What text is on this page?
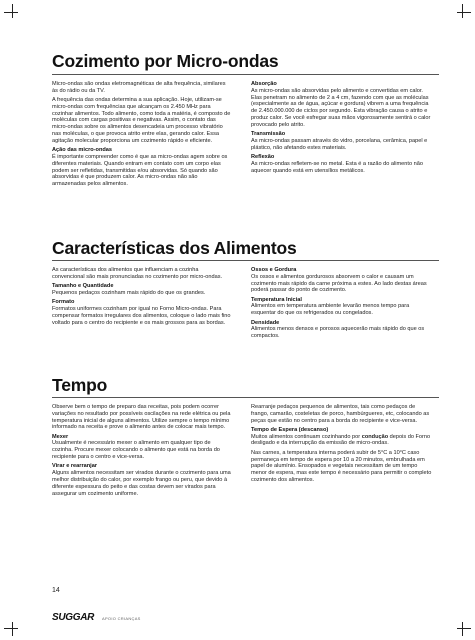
Cozimento por Micro-ondas

Micro-ondas são ondas eletromagnéticas de alta frequência, similares às do rádio ou da TV.

A frequência das ondas determina a sua aplicação. Hoje, utilizam-se micro-ondas com frequências que alcançam os 2.450 MHz para cozinhar alimentos. Todo alimento, como toda a matéria, é composto de moléculas com cargas positivas e negativas. Assim, o contato das micro-ondas sobre os alimentos desencadeia um processo vibratório nas moléculas, o que provoca atrito entre elas, gerando calor. Essa agitação molecular proporciona um cozimento rápido e eficiente.

Ação das micro-ondas

É importante compreender como é que as micro-ondas agem sobre os diferentes materiais. Quando entram em contato com um corpo elas podem ser refletidas, transmitidas e/ou absorvidas. Só quando são absorvidas é que produzem calor. As micro-ondas não são armazenadas pelos alimentos.

Absorção

As micro-ondas são absorvidas pelo alimento e convertidas em calor. Elas penetram no alimento de 2 a 4 cm, fazendo com que as moléculas (especialmente as de água, açúcar e gordura) vibrem a uma frequência de 2.450.000.000 de ciclos por segundo. Esta vibração causa o atrito e produz calor. Se você esfregar suas mãos vigorosamente sentirá o calor provocado pelo atrito.

Transmissão

As micro-ondas passam através do vidro, porcelana, cerâmica, papel e plástico, não afetando estes materiais.

Reflexão

As micro-ondas refletem-se no metal. Esta é a razão do alimento não aquecer quando está em utensílios metálicos.

Características dos Alimentos

As características dos alimentos que influenciam a cozinha convencional são mais pronunciadas no cozimento por micro-ondas.

Tamanho e Quantidade

Pequenos pedaços cozinham mais rápido do que os grandes.

Formato

Formatos uniformes cozinham por igual no Forno Micro-ondas. Para compensar formatos irregulares dos alimentos, coloque o lado mais fino voltado para o centro do recipiente e os mais grossos para as bordas.

Ossos e Gordura

Os ossos e alimentos gordurosos absorvem o calor e causam um cozimento mais rápido da carne próxima a estes. Ao lado destas áreas poderá passar do ponto de cozimento.

Temperatura Inicial

Alimentos em temperatura ambiente levarão menos tempo para esquentar do que os refrigerados ou congelados.

Densidade

Alimentos menos densos e porosos aquecerão mais rápido do que os compactos.

Tempo

Observe bem o tempo de preparo das receitas, pois podem ocorrer variações no resultado por possíveis oscilações na rede elétrica ou pela temperatura inicial de alguns alimentos. Utilize sempre o tempo mínimo informado na receita e prove o alimento antes de colocar mais tempo.

Mexer

Usualmente é necessário mexer o alimento em qualquer tipo de cozinha. Procure mexer colocando o alimento que está na borda do recipiente para o centro e vice-versa.

Virar e rearranjar

Alguns alimentos necessitam ser virados durante o cozimento para uma melhor distribuição do calor, por exemplo frango ou peru, que devido à diferente espessura do peito e das costas devem ser virados para assegurar um cozimento uniforme.

Rearranje pedaços pequenos de alimentos, tais como pedaços de frango, camarão, costeletas de porco, hambúrgueres, etc, colocando as peças que estão no centro para a borda do recipiente e vice-versa.

Tempo de Espera (descanso)

Muitos alimentos continuam cozinhando por condução depois do Forno desligado e da interrupção da emissão de micro-ondas.

Nas carnes, a temperatura interna poderá subir de 5°C a 10°C caso permaneça em tempo de espera por 10 a 20 minutos, embrulhada em papel de alumínio. Ensopados e vegetais necessitam de um tempo menor de espera, mas este tempo é necessário para permitir o completo cozimento dos alimentos.

14
SUGGAR APOIO CRIANÇAS
